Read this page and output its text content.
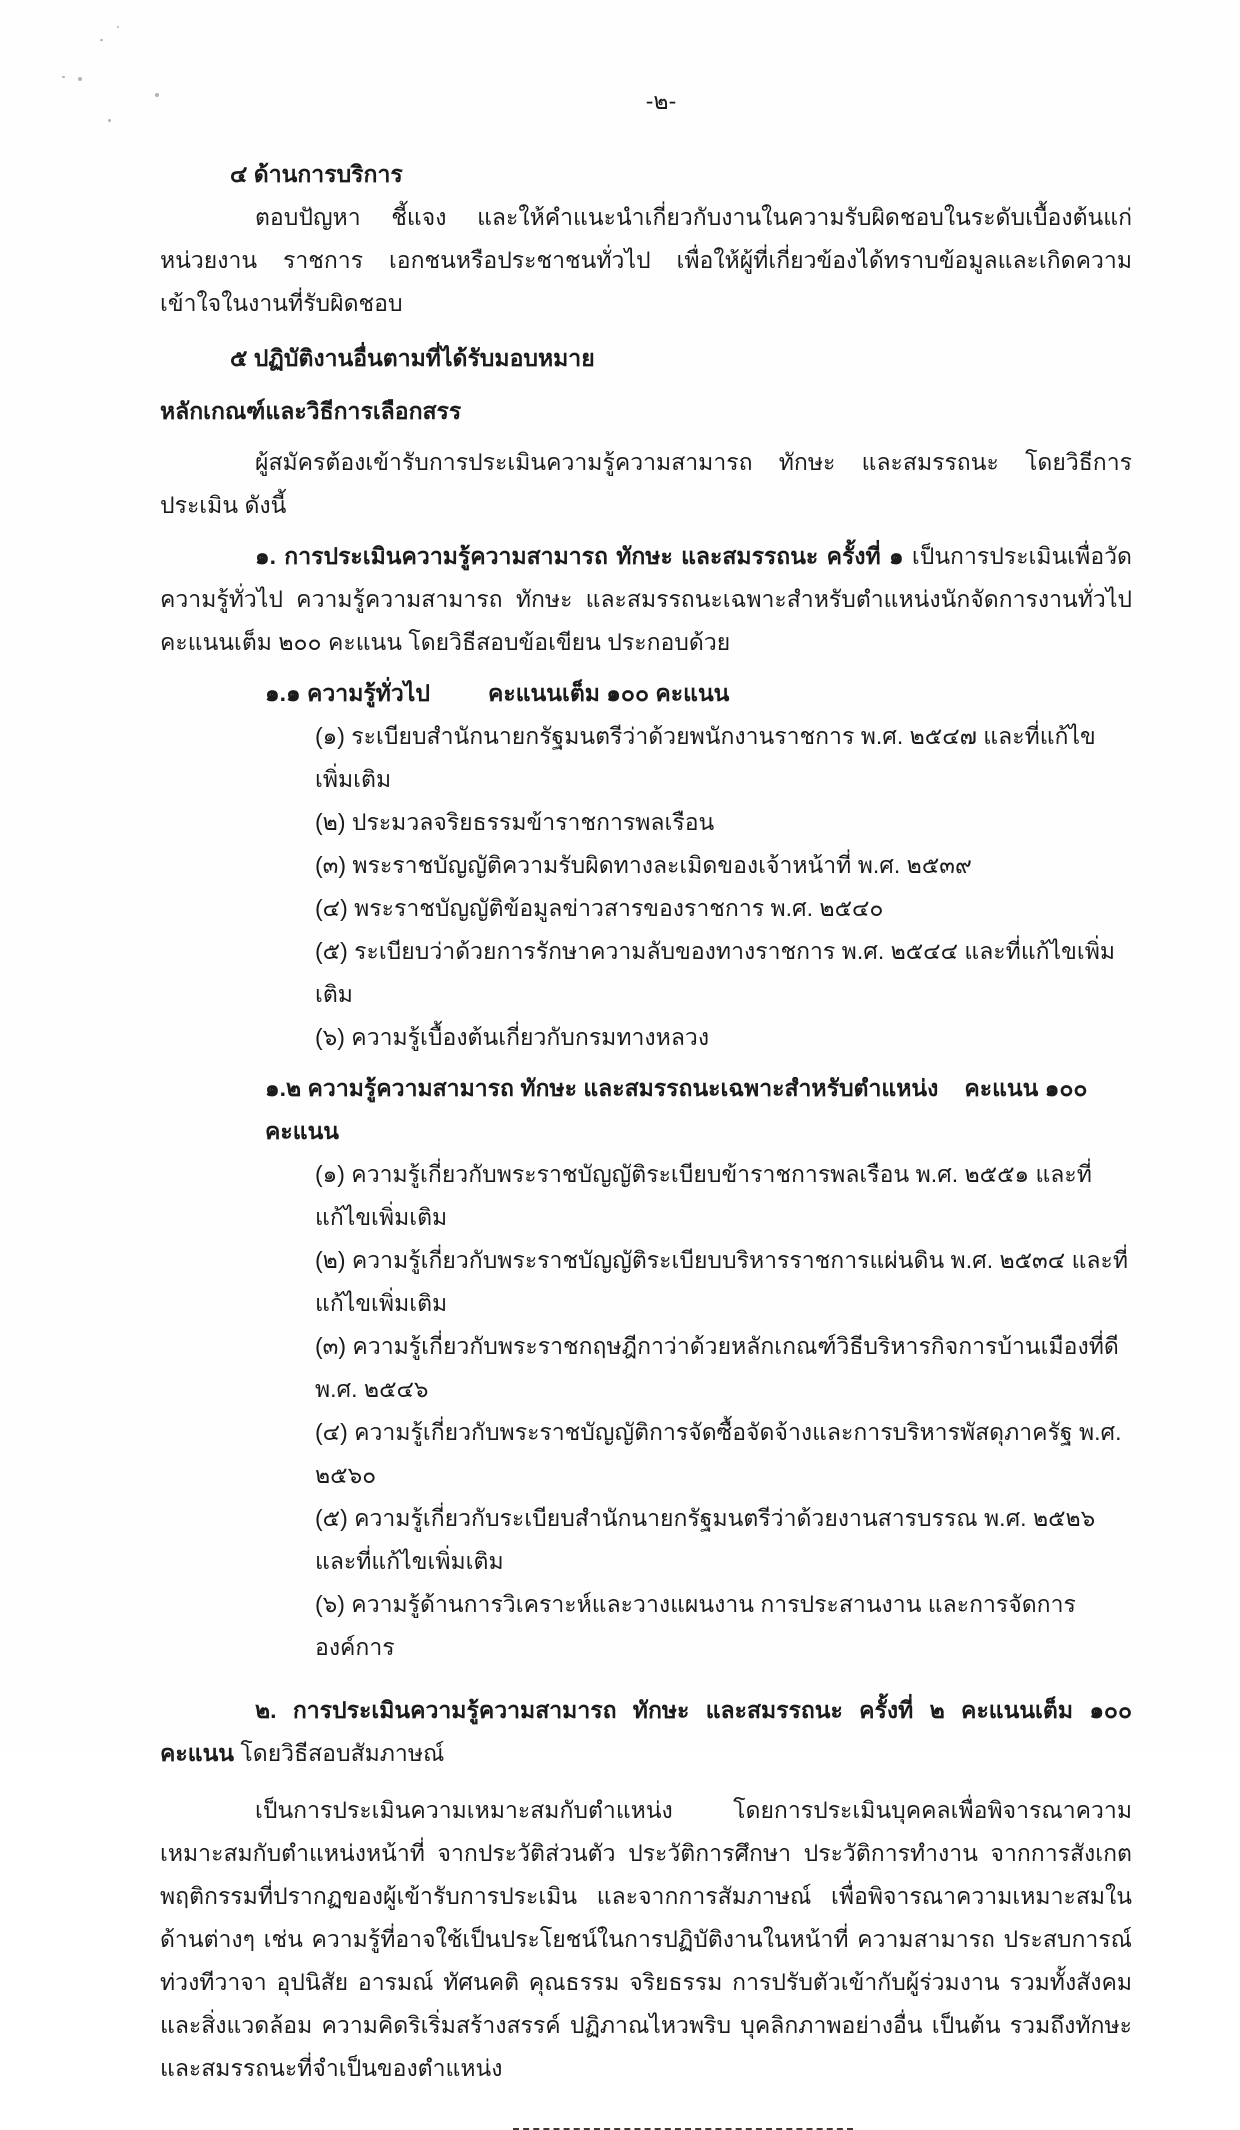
-๒-
๔ ด้านการบริการ
ตอบปัญหา ชี้แจง และให้คำแนะนำเกี่ยวกับงานในความรับผิดชอบในระดับเบื้องต้นแก่หน่วยงาน ราชการ เอกชนหรือประชาชนทั่วไป เพื่อให้ผู้ที่เกี่ยวข้องได้ทราบข้อมูลและเกิดความเข้าใจในงานที่รับผิดชอบ
๕ ปฏิบัติงานอื่นตามที่ได้รับมอบหมาย
หลักเกณฑ์และวิธีการเลือกสรร
ผู้สมัครต้องเข้ารับการประเมินความรู้ความสามารถ ทักษะ และสมรรถนะ โดยวิธีการประเมิน ดังนี้
๑. การประเมินความรู้ความสามารถ ทักษะ และสมรรถนะ ครั้งที่ ๑ เป็นการประเมินเพื่อวัดความรู้ทั่วไป ความรู้ความสามารถ ทักษะ และสมรรถนะเฉพาะสำหรับตำแหน่งนักจัดการงานทั่วไป คะแนนเต็ม ๒๐๐ คะแนน โดยวิธีสอบข้อเขียน ประกอบด้วย
๑.๑ ความรู้ทั่วไป	คะแนนเต็ม ๑๐๐ คะแนน
(๑) ระเบียบสำนักนายกรัฐมนตรีว่าด้วยพนักงานราชการ พ.ศ. ๒๕๔๗ และที่แก้ไขเพิ่มเติม
(๒) ประมวลจริยธรรมข้าราชการพลเรือน
(๓) พระราชบัญญัติความรับผิดทางละเมิดของเจ้าหน้าที่ พ.ศ. ๒๕๓๙
(๔) พระราชบัญญัติข้อมูลข่าวสารของราชการ พ.ศ. ๒๕๔๐
(๕) ระเบียบว่าด้วยการรักษาความลับของทางราชการ พ.ศ. ๒๕๔๔ และที่แก้ไขเพิ่มเติม
(๖) ความรู้เบื้องต้นเกี่ยวกับกรมทางหลวง
๑.๒ ความรู้ความสามารถ ทักษะ และสมรรถนะเฉพาะสำหรับตำแหน่ง คะแนน ๑๐๐ คะแนน
(๑) ความรู้เกี่ยวกับพระราชบัญญัติระเบียบข้าราชการพลเรือน พ.ศ. ๒๕๕๑ และที่แก้ไขเพิ่มเติม
(๒) ความรู้เกี่ยวกับพระราชบัญญัติระเบียบบริหารราชการแผ่นดิน พ.ศ. ๒๕๓๔ และที่แก้ไขเพิ่มเติม
(๓) ความรู้เกี่ยวกับพระราชกฤษฎีกาว่าด้วยหลักเกณฑ์วิธีบริหารกิจการบ้านเมืองที่ดี พ.ศ. ๒๕๔๖
(๔) ความรู้เกี่ยวกับพระราชบัญญัติการจัดซื้อจัดจ้างและการบริหารพัสดุภาครัฐ พ.ศ. ๒๕๖๐
(๕) ความรู้เกี่ยวกับระเบียบสำนักนายกรัฐมนตรีว่าด้วยงานสารบรรณ พ.ศ. ๒๕๒๖ และที่แก้ไขเพิ่มเติม
(๖) ความรู้ด้านการวิเคราะห์และวางแผนงาน การประสานงาน และการจัดการองค์การ
๒. การประเมินความรู้ความสามารถ ทักษะ และสมรรถนะ ครั้งที่ ๒ คะแนนเต็ม ๑๐๐ คะแนน โดยวิธีสอบสัมภาษณ์
เป็นการประเมินความเหมาะสมกับตำแหน่ง โดยการประเมินบุคคลเพื่อพิจารณาความเหมาะสมกับตำแหน่งหน้าที่ จากประวัติส่วนตัว ประวัติการศึกษา ประวัติการทำงาน จากการสังเกตพฤติกรรมที่ปรากฏของผู้เข้ารับการประเมิน และจากการสัมภาษณ์ เพื่อพิจารณาความเหมาะสมในด้านต่างๆ เช่น ความรู้ที่อาจใช้เป็นประโยชน์ในการปฏิบัติงานในหน้าที่ ความสามารถ ประสบการณ์ ท่วงทีวาจา อุปนิสัย อารมณ์ ทัศนคติ คุณธรรม จริยธรรม การปรับตัวเข้ากับผู้ร่วมงาน รวมทั้งสังคมและสิ่งแวดล้อม ความคิดริเริ่มสร้างสรรค์ ปฏิภาณไหวพริบ บุคลิกภาพอย่างอื่น เป็นต้น รวมถึงทักษะและสมรรถนะที่จำเป็นของตำแหน่ง
